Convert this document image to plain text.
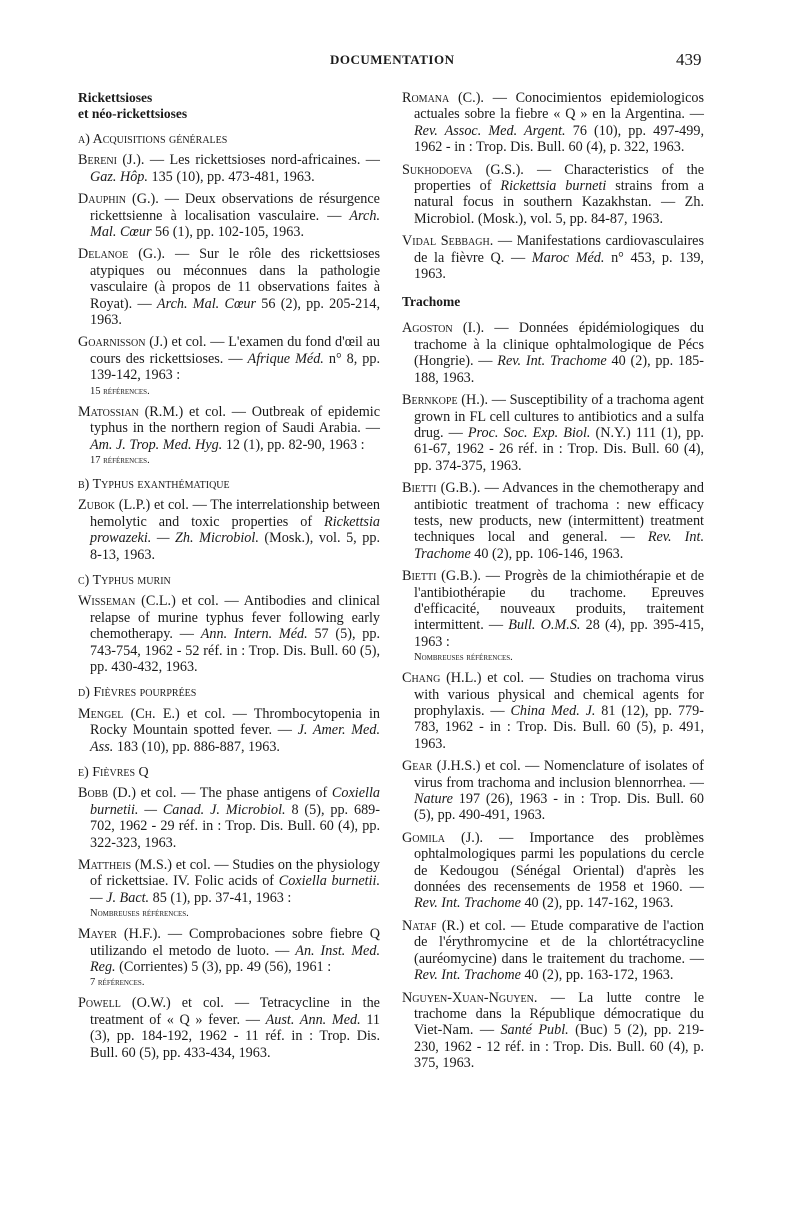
DOCUMENTATION	439
Rickettsioses
et néo-rickettsioses
a) Acquisitions générales

Bereni (J.). — Les rickettsioses nord-africaines. — Gaz. Hôp. 135 (10), pp. 473-481, 1963.

Dauphin (G.). — Deux observations de résurgence rickettsienne à localisation vasculaire. — Arch. Mal. Cœur 56 (1), pp. 102-105, 1963.

Delanoe (G.). — Sur le rôle des rickettsioses atypiques ou méconnues dans la pathologie vasculaire (à propos de 11 observations faites à Royat). — Arch. Mal. Cœur 56 (2), pp. 205-214, 1963.

Goarnisson (J.) et col. — L'examen du fond d'œil au cours des rickettsioses. — Afrique Méd. n° 8, pp. 139-142, 1963 :

15 références.

Matossian (R.M.) et col. — Outbreak of epidemic typhus in the northern region of Saudi Arabia. — Am. J. Trop. Med. Hyg. 12 (1), pp. 82-90, 1963 :

17 références.
b) Typhus exanthématique

Zubok (L.P.) et col. — The interrelationship between hemolytic and toxic properties of Rickettsia prowazeki. — Zh. Microbiol. (Mosk.), vol. 5, pp. 8-13, 1963.

c) Typhus murin

Wisseman (C.L.) et col. — Antibodies and clinical relapse of murine typhus fever following early chemotherapy. — Ann. Intern. Méd. 57 (5), pp. 743-754, 1962 - 52 réf. in : Trop. Dis. Bull. 60 (5), pp. 430-432, 1963.

d) Fièvres pourprées

Mengel (Ch. E.) et col. — Thrombocytopenia in Rocky Mountain spotted fever. — J. Amer. Med. Ass. 183 (10), pp. 886-887, 1963.

e) Fièvres Q

Bobb (D.) et col. — The phase antigens of Coxiella burnetii. — Canad. J. Microbiol. 8 (5), pp. 689-702, 1962 - 29 réf. in : Trop. Dis. Bull. 60 (4), pp. 322-323, 1963.

Mattheis (M.S.) et col. — Studies on the physiology of rickettsiae. IV. Folic acids of Coxiella burnetii. — J. Bact. 85 (1), pp. 37-41, 1963 :

Nombreuses références.

Mayer (H.F.). — Comprobaciones sobre fiebre Q utilizando el metodo de luoto. — An. Inst. Med. Reg. (Corrientes) 5 (3), pp. 49 (56), 1961 :

7 références.

Powell (O.W.) et col. — Tetracycline in the treatment of « Q » fever. — Aust. Ann. Med. 11 (3), pp. 184-192, 1962 - 11 réf. in : Trop. Dis. Bull. 60 (5), pp. 433-434, 1963.

Romana (C.). — Conocimientos epidemiologicos actuales sobre la fiebre « Q » en la Argentina. — Rev. Assoc. Med. Argent. 76 (10), pp. 497-499, 1962 - in : Trop. Dis. Bull. 60 (4), p. 322, 1963.

Sukhodoeva (G.S.). — Characteristics of the properties of Rickettsia burneti strains from a natural focus in southern Kazakhstan. — Zh. Microbiol. (Mosk.), vol. 5, pp. 84-87, 1963.

Vidal Sebbagh. — Manifestations cardiovasculaires de la fièvre Q. — Maroc Méd. n° 453, p. 139, 1963.

Trachome

Agoston (I.). — Données épidémiologiques du trachome à la clinique ophtalmologique de Pécs (Hongrie). — Rev. Int. Trachome 40 (2), pp. 185-188, 1963.

Bernkope (H.). — Susceptibility of a trachoma agent grown in FL cell cultures to antibiotics and a sulfa drug. — Proc. Soc. Exp. Biol. (N.Y.) 111 (1), pp. 61-67, 1962 - 26 réf. in : Trop. Dis. Bull. 60 (4), pp. 374-375, 1963.

Bietti (G.B.). — Advances in the chemotherapy and antibiotic treatment of trachoma : new efficacy tests, new products, new (intermittent) treatment techniques local and general. — Rev. Int. Trachome 40 (2), pp. 106-146, 1963.

Bietti (G.B.). — Progrès de la chimiothérapie et de l'antibiothérapie du trachome. Epreuves d'efficacité, nouveaux produits, traitement intermittent. — Bull. O.M.S. 28 (4), pp. 395-415, 1963 :

Nombreuses références.

Chang (H.L.) et col. — Studies on trachoma virus with various physical and chemical agents for prophylaxis. — China Med. J. 81 (12), pp. 779-783, 1962 - in : Trop. Dis. Bull. 60 (5), p. 491, 1963.

Gear (J.H.S.) et col. — Nomenclature of isolates of virus from trachoma and inclusion blennorrhea. — Nature 197 (26), 1963 - in : Trop. Dis. Bull. 60 (5), pp. 490-491, 1963.

Gomila (J.). — Importance des problèmes ophtalmologiques parmi les populations du cercle de Kedougou (Sénégal Oriental) d'après les données des recensements de 1958 et 1960. — Rev. Int. Trachome 40 (2), pp. 147-162, 1963.

Nataf (R.) et col. — Etude comparative de l'action de l'érythromycine et de la chlortétracycline (auréomycine) dans le traitement du trachome. — Rev. Int. Trachome 40 (2), pp. 163-172, 1963.

Nguyen-Xuan-Nguyen. — La lutte contre le trachome dans la République démocratique du Viet-Nam. — Santé Publ. (Buc) 5 (2), pp. 219-230, 1962 - 12 réf. in : Trop. Dis. Bull. 60 (4), p. 375, 1963.
